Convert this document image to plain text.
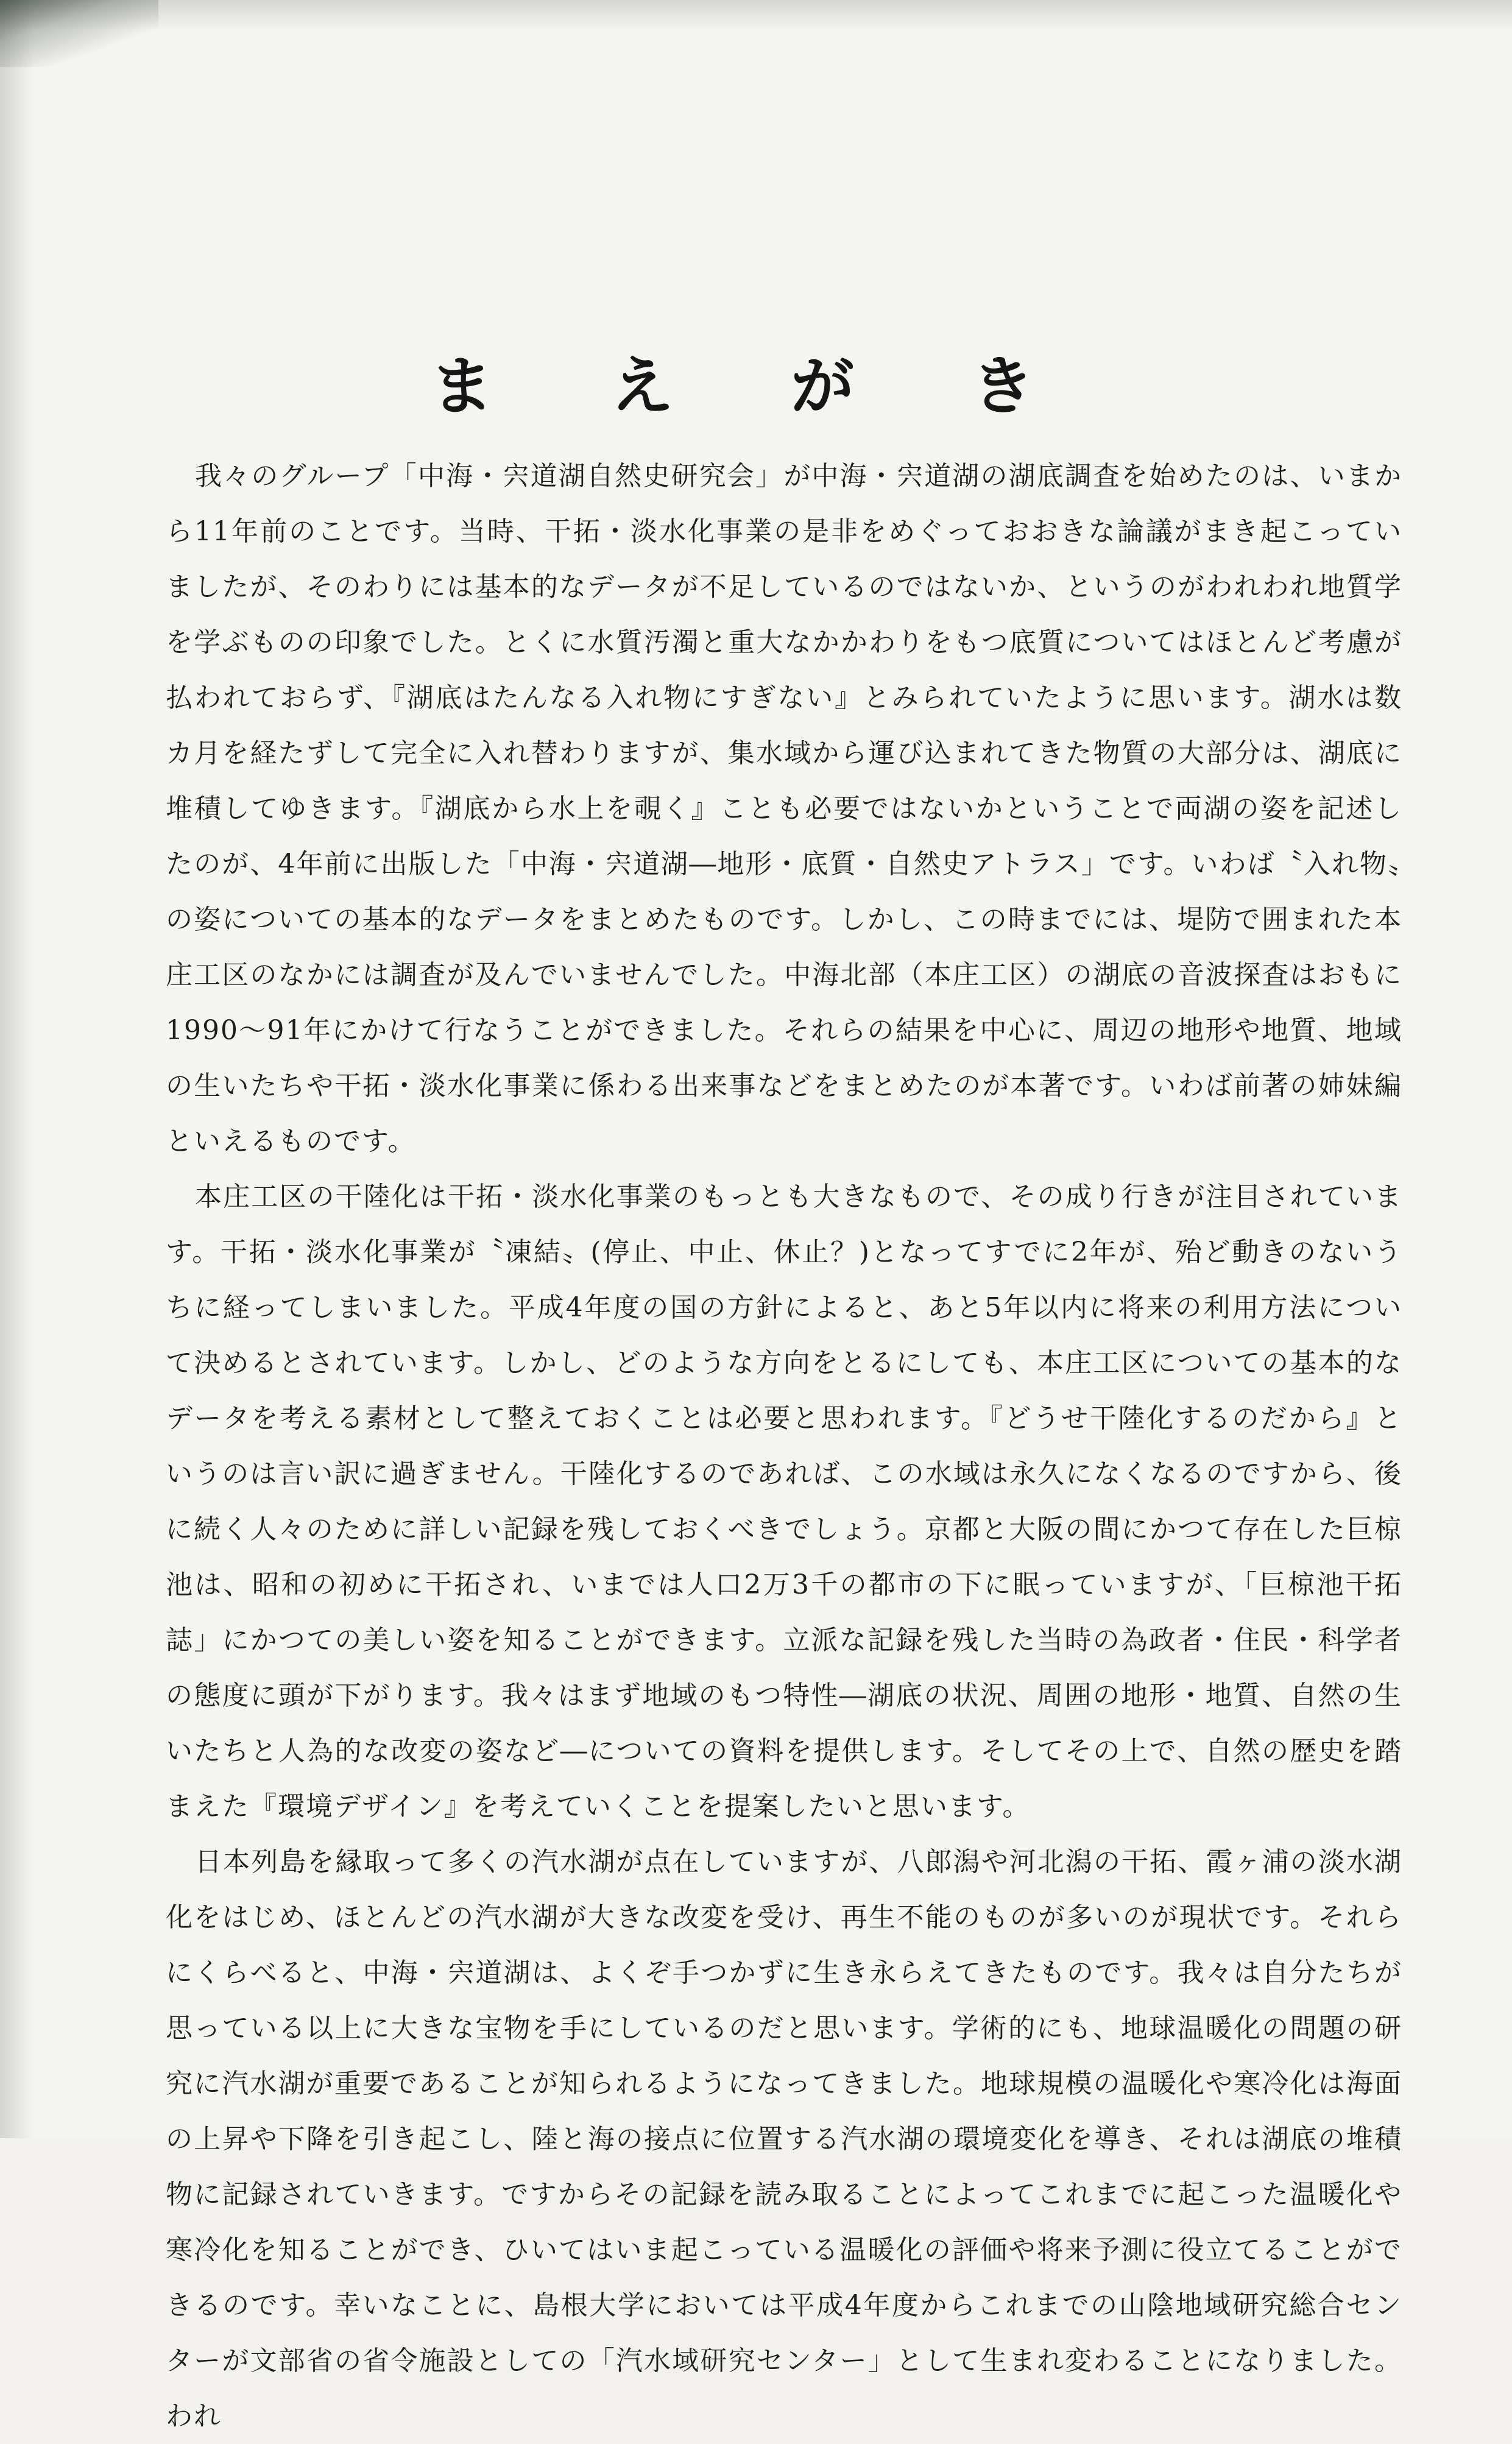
ま え が き

我々のグループ「中海・宍道湖自然史研究会」が中海・宍道湖の湖底調査を始めたのは、いまから11年前のことです。当時、干拓・淡水化事業の是非をめぐっておおきな論議がまき起こっていましたが、そのわりには基本的なデータが不足しているのではないか、というのがわれわれ地質学を学ぶものの印象でした。とくに水質汚濁と重大なかかわりをもつ底質についてはほとんど考慮が払われておらず、『湖底はたんなる入れ物にすぎない』とみられていたように思います。湖水は数カ月を経たずして完全に入れ替わりますが、集水域から運び込まれてきた物質の大部分は、湖底に堆積してゆきます。『湖底から水上を覗く』ことも必要ではないかということで両湖の姿を記述したのが、4年前に出版した「中海・宍道湖―地形・底質・自然史アトラス」です。いわば〝入れ物〟の姿についての基本的なデータをまとめたものです。しかし、この時までには、堤防で囲まれた本庄工区のなかには調査が及んでいませんでした。中海北部（本庄工区）の湖底の音波探査はおもに1990～91年にかけて行なうことができました。それらの結果を中心に、周辺の地形や地質、地域の生いたちや干拓・淡水化事業に係わる出来事などをまとめたのが本著です。いわば前著の姉妹編といえるものです。

本庄工区の干陸化は干拓・淡水化事業のもっとも大きなもので、その成り行きが注目されています。干拓・淡水化事業が〝凍結〟(停止、中止、休止？)となってすでに2年が、殆ど動きのないうちに経ってしまいました。平成4年度の国の方針によると、あと5年以内に将来の利用方法について決めるとされています。しかし、どのような方向をとるにしても、本庄工区についての基本的なデータを考える素材として整えておくことは必要と思われます。『どうせ干陸化するのだから』というのは言い訳に過ぎません。干陸化するのであれば、この水域は永久になくなるのですから、後に続く人々のために詳しい記録を残しておくべきでしょう。京都と大阪の間にかつて存在した巨椋池は、昭和の初めに干拓され、いまでは人口2万3千の都市の下に眠っていますが、「巨椋池干拓誌」にかつての美しい姿を知ることができます。立派な記録を残した当時の為政者・住民・科学者の態度に頭が下がります。我々はまず地域のもつ特性―湖底の状況、周囲の地形・地質、自然の生いたちと人為的な改変の姿など―についての資料を提供します。そしてその上で、自然の歴史を踏まえた『環境デザイン』を考えていくことを提案したいと思います。

日本列島を縁取って多くの汽水湖が点在していますが、八郎潟や河北潟の干拓、霞ヶ浦の淡水湖化をはじめ、ほとんどの汽水湖が大きな改変を受け、再生不能のものが多いのが現状です。それらにくらべると、中海・宍道湖は、よくぞ手つかずに生き永らえてきたものです。我々は自分たちが思っている以上に大きな宝物を手にしているのだと思います。学術的にも、地球温暖化の問題の研究に汽水湖が重要であることが知られるようになってきました。地球規模の温暖化や寒冷化は海面の上昇や下降を引き起こし、陸と海の接点に位置する汽水湖の環境変化を導き、それは湖底の堆積物に記録されていきます。ですからその記録を読み取ることによってこれまでに起こった温暖化や寒冷化を知ることができ、ひいてはいま起こっている温暖化の評価や将来予測に役立てることができるのです。幸いなことに、島根大学においては平成4年度からこれまでの山陰地域研究総合センターが文部省の省令施設としての「汽水域研究センター」として生まれ変わることになりました。われ
